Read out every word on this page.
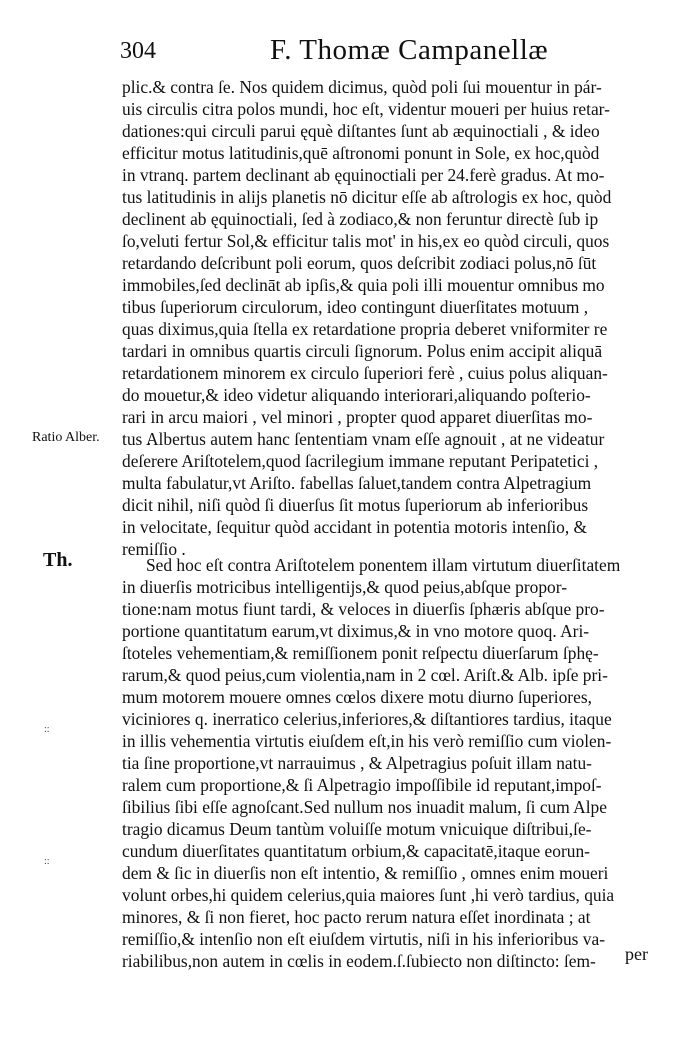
304	F. Thomæ Campanellæ
plic.& contra ſe. Nos quidem dicimus, quòd poli ſui mouentur in pár-
uis circulis citra polos mundi, hoc eſt, videntur moueri per huius retar-
dationes:qui circuli parui ęquè diſtantes ſunt ab æquinoctiali , & ideo
efficitur motus latitudinis,quē aſtronomi ponunt in Sole, ex hoc,quòd
in vtranq. partem declinant ab ęquinoctiali per 24.ferè gradus. At mo-
tus latitudinis in alijs planetis nō dicitur eſſe ab aſtrologis ex hoc, quòd
declinent ab ęquinoctiali, ſed à zodiaco,& non feruntur directè ſub ip
ſo,veluti fertur Sol,& efficitur talis mot' in his,ex eo quòd circuli, quos
retardando deſcribunt poli eorum, quos deſcribit zodiaci polus,nō ſūt
immobiles,ſed declināt ab ipſis,& quia poli illi mouentur omnibus mo
tibus ſuperiorum circulorum, ideo contingunt diuerſitates motuum ,
quas diximus,quia ſtella ex retardatione propria deberet vniformiter re
tardari in omnibus quartis circuli ſignorum. Polus enim accipit aliquā
retardationem minorem ex circulo ſuperiori ferè , cuius polus aliquan-
do mouetur,& ideo videtur aliquando interiorari,aliquando poſterio-
rari in arcu maiori , vel minori , propter quod apparet diuerſitas mo-
tus .
Ratio Alber.	Albertus autem hanc ſententiam vnam eſſe agnouit , at ne videatur
deſerere Ariſtotelem,quod ſacrilegium immane reputant Peripatetici ,
multa fabulatur,vt Ariſto. fabellas ſaluet,tandem contra Alpetragium
dicit nihil, niſi quòd ſi diuerſus ſit motus ſuperiorum ab inferioribus
in velocitate, ſequitur quòd accidant in potentia motoris intenſio, &
remiſſio .
Th.	Sed hoc eſt contra Ariſtotelem ponentem illam virtutum diuerſitatem
in diuerſis motricibus intelligentijs,& quod peius,abſque propor-
tione:nam motus fiunt tardi, & veloces in diuerſis ſphæris abſque pro-
portione quantitatum earum,vt diximus,& in vno motore quoq. Ari-
ſtoteles vehementiam,& remiſſionem ponit reſpectu diuerſarum ſphę-
rarum,& quod peius,cum violentia,nam in 2 cœl. Ariſt.& Alb. ipſe pri-
mum motorem mouere omnes cœlos dixere motu diurno ſuperiores,
viciniores q. inerratico celerius,inferiores,& diſtantiores tardius, itaque
in illis vehementia virtutis eiuſdem eſt,in his verò remiſſio cum violen-
tia ſine proportione,vt narrauimus , & Alpetragius poſuit illam natu-
ralem cum proportione,& ſi Alpetragio impoſſibile id reputant,impoſ-
ſibilius ſibi eſſe agnoſcant.Sed nullum nos inuadit malum, ſi cum Alpe
tragio dicamus Deum tantùm voluiſſe motum vnicuique diſtribui,ſe-
cundum diuerſitates quantitatum orbium,& capacitatē,itaque eorun-
dem & ſic in diuerſis non eſt intentio, & remiſſio , omnes enim moueri
volunt orbes,hi quidem celerius,quia maiores ſunt ,hi verò tardius, quia
minores, & ſi non fieret, hoc pacto rerum natura eſſet inordinata ; at
remiſſio,& intenſio non eſt eiuſdem virtutis, niſi in his inferioribus va-
riabilibus,non autem in cœlis in eodem.ſ.ſubiecto non diſtincto: ſem-
::
::
per
